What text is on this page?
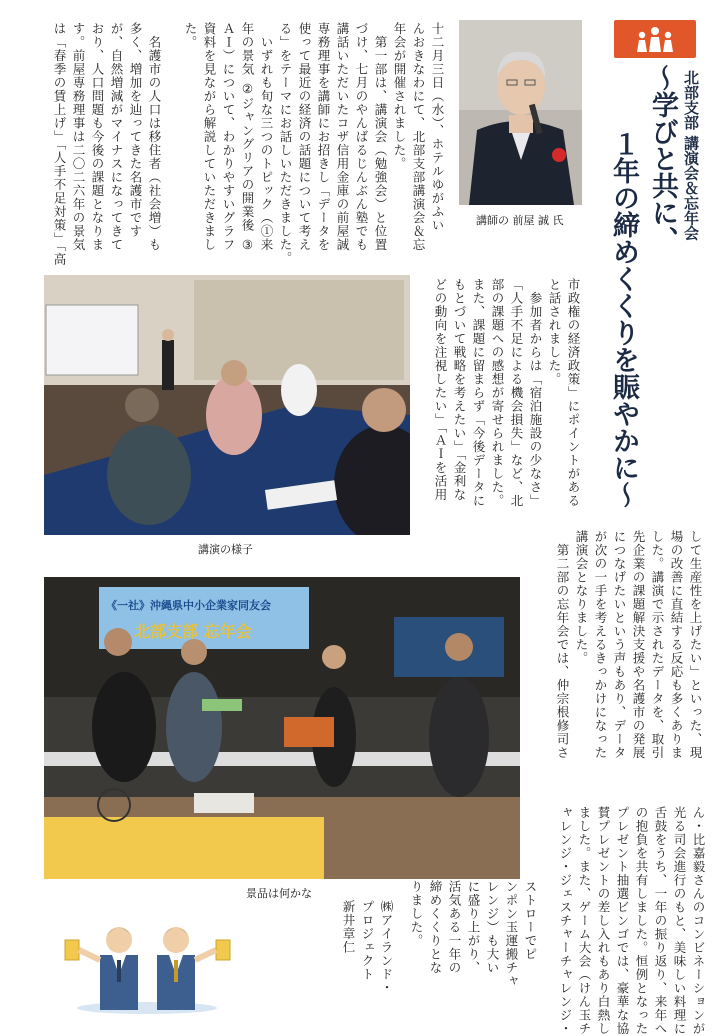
北部支部 講演会＆忘年会
〜学びと共に、
１年の締めくくりを賑やかに〜
講師の 前屋 誠 氏
十二月三日（水）、ホテルゆがふい
んおきなわにて、北部支部講演会＆忘
年会が開催されました。
　第一部は、講演会（勉強会）と位置
づけ、七月のやんばるじんぶん塾でも
講話いただいたコザ信用金庫の前屋誠
専務理事を講師にお招きし「データを
使って最近の経済の話題について考え
る」をテーマにお話しいただきました。
　いずれも旬な三つのトピック（①来
年の景気 ②ジャングリアの開業後 ③
ＡＩ）について、わかりやすいグラフ
資料を見ながら解説していただきまし
た。
　名護市の人口は移住者（社会増）も
多く、増加を辿ってきた名護市です
が、自然増減がマイナスになってきて
おり、人口問題も今後の課題となりま
す。前屋専務理事は二〇二六年の景気
は「春季の賃上げ」「人手不足対策」「高
講演の様子
市政権の経済政策」にポイントがある
と話されました。
　参加者からは「宿泊施設の少なさ」
「人手不足による機会損失」など、北
部の課題への感想が寄せられました。
また、課題に留まらず「今後データに
もとづいて戦略を考えたい」「金利な
どの動向を注視したい」「ＡＩを活用
して生産性を上げたい」といった、現
場の改善に直結する反応も多くありま
した。講演で示されたデータを、取引
先企業の課題解決支援や名護市の発展
につなげたいという声もあり、データ
が次の一手を考えるきっかけになった
講演会となりました。
　第二部の忘年会では、仲宗根修司さ
《一社》沖縄県中小企業家同友会
北部支部 忘年会
景品は何かな	ん・比嘉毅さんのコンビネーションが
光る司会進行のもと、美味しい料理に
舌鼓をうち、一年の振り返り、来年へ
の抱負を共有しました。恒例となった
プレゼント抽選ビンゴでは、豪華な協
賛プレゼントの差し入れもあり白熱し
ました。また、ゲーム大会（けん玉チ
ャレンジ・ジェスチャーチャレンジ・
ストローでピ
ンポン玉運搬チャ
レンジ）も大い
に盛り上がり、
活気ある一年の
締めくくりとな
りました。
㈱アイランド・
プロジェクト
新井章仁
